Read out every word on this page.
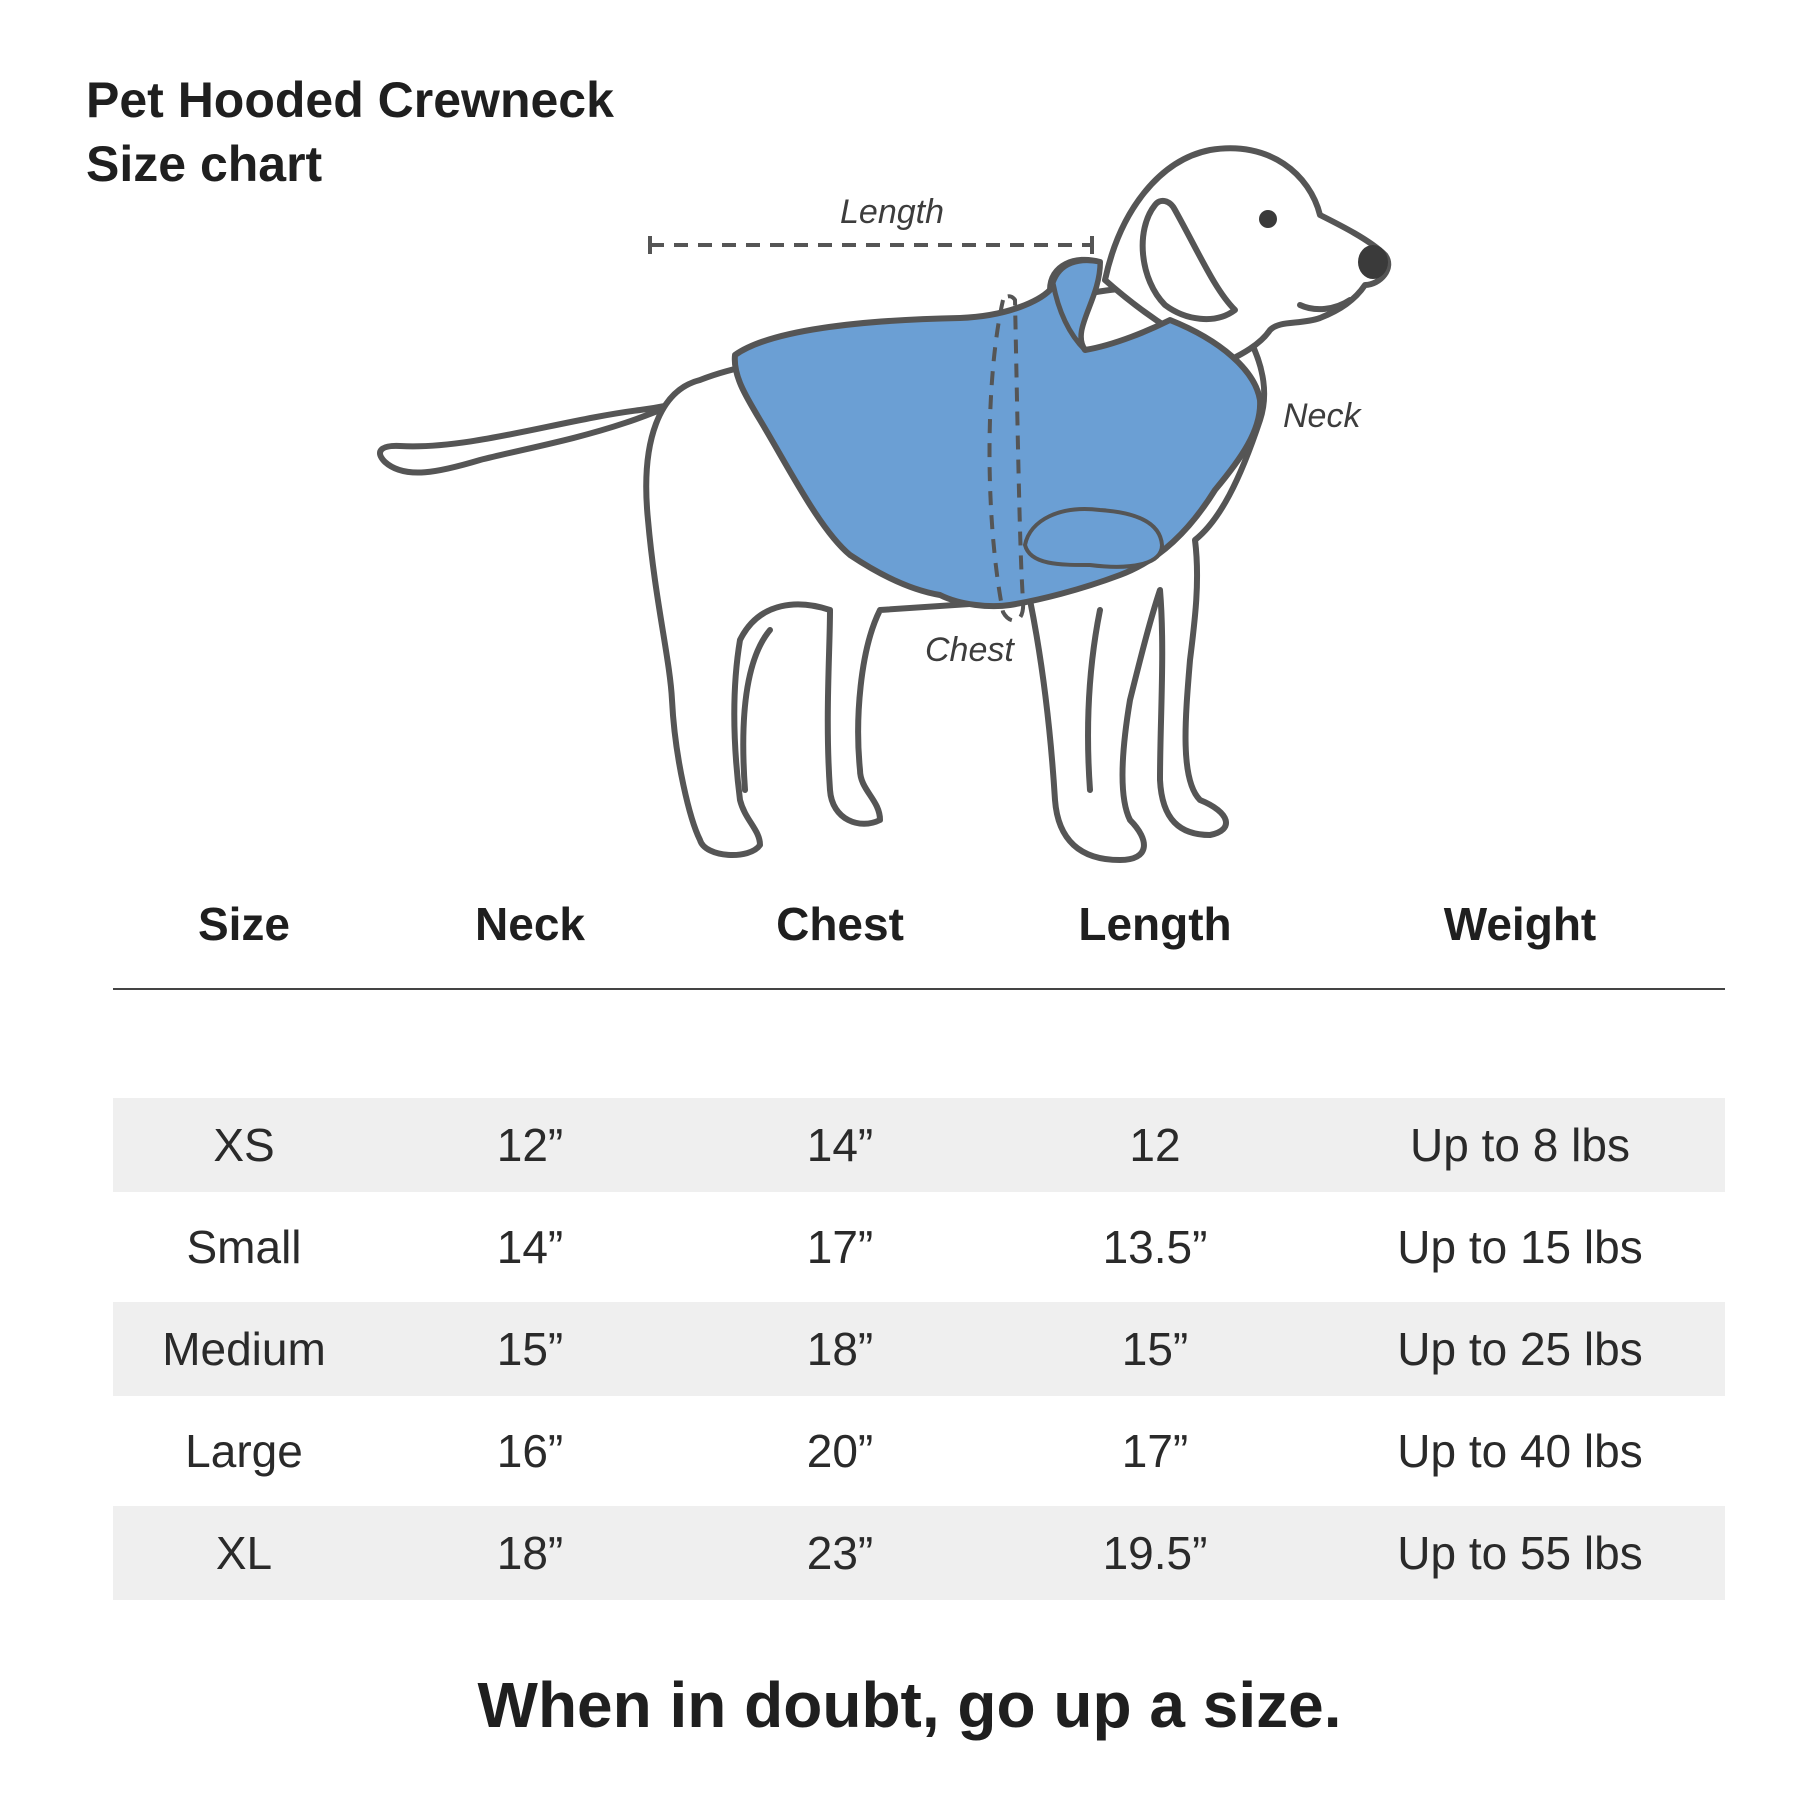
Pet Hooded Crewneck
Size chart
Length
Chest
Neck
Size	Neck	Chest	Length	Weight
XS	12”	14”	12	Up to 8 lbs
Small	14”	17”	13.5”	Up to 15 lbs
Medium	15”	18”	15”	Up to 25 lbs
Large	16”	20”	17”	Up to 40 lbs
XL	18”	23”	19.5”	Up to 55 lbs
When in doubt, go up a size.
